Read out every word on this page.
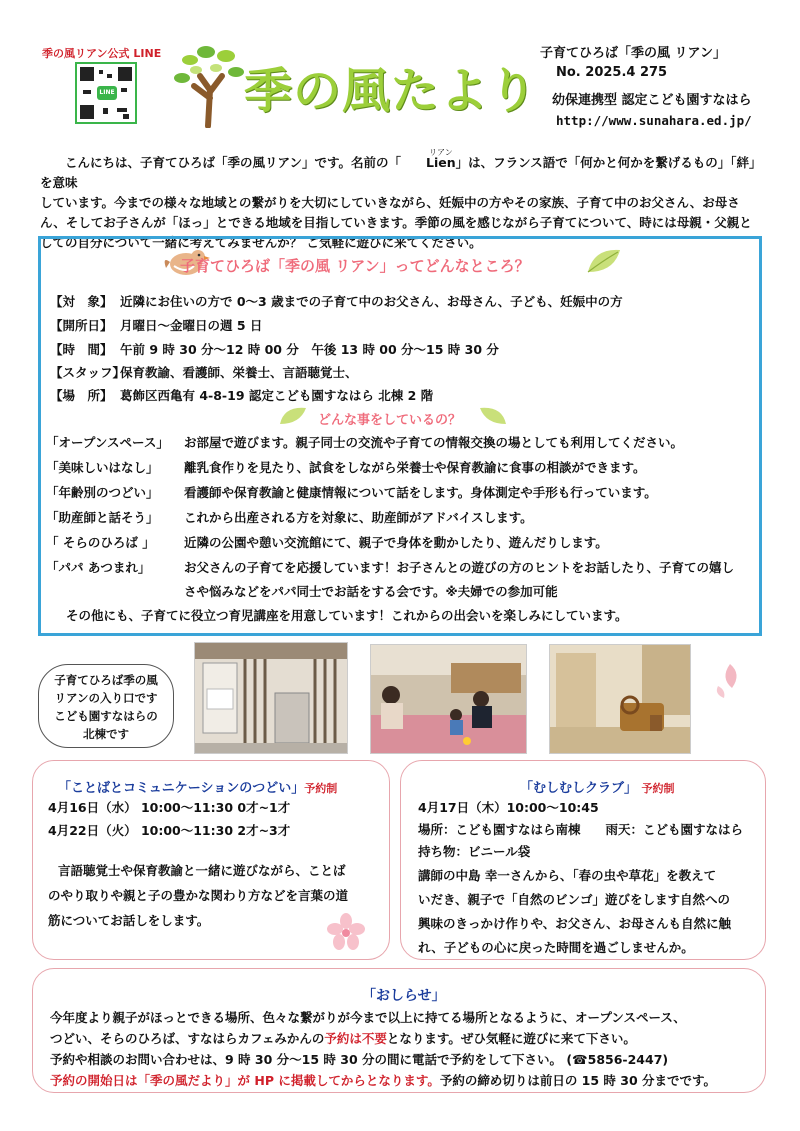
季の風リアン公式 LINE
LINE	季の風たより
子育てひろば「季の風 リアン」
No. 2025.4 275
幼保連携型 認定こども園すなはら
http://www.sunahara.ed.jp/

こんにちは、子育てひろば「季の風リアン」です。名前の「
リアン
Lien」は、フランス語で「何かと何かを繋げるもの」「絆」を意味

しています。今までの様々な地域との繋がりを大切にしていきながら、妊娠中の方やその家族、子育て中のお父さん、お母さ
ん、そしてお子さんが「ほっ」とできる地域を目指していきます。季節の風を感じながら子育てについて、時には母親・父親と
しての自分について一緒に考えてみませんか？ ご気軽に遊びに来てください。
子育てひろば「季の風 リアン」ってどんなところ？
【対　象】 近隣にお住いの方で 0～3 歳までの子育て中のお父さん、お母さん、子ども、妊娠中の方
【開所日】 月曜日～金曜日の週 5 日
【時　間】 午前 9 時 30 分～12 時 00 分　午後 13 時 00 分～15 時 30 分
【スタッフ】保育教諭、看護師、栄養士、言語聴覚士、
【場　所】 葛飾区西亀有 4-8-19 認定こども園すなはら 北棟 2 階
どんな事をしているの？
「オープンスペース」 お部屋で遊びます。親子同士の交流や子育ての情報交換の場としても利用してください。
「美味しいはなし」 離乳食作りを見たり、試食をしながら栄養士や保育教諭に食事の相談ができます。
「年齢別のつどい」 看護師や保育教諭と健康情報について話をします。身体測定や手形も行っています。
「助産師と話そう」 これから出産される方を対象に、助産師がアドバイスします。
「 そらのひろば 」 近隣の公園や憩い交流館にて、親子で身体を動かしたり、遊んだりします。
「パパ あつまれ」	お父さんの子育てを応援しています！お子さんとの遊びの方のヒントをお話したり、子育ての嬉し
さや悩みなどをパパ同士でお話をする会です。※夫婦での参加可能
その他にも、子育てに役立つ育児講座を用意しています！これからの出会いを楽しみにしています。
子育てひろば季の風
リアンの入り口です
こども園すなはらの
北棟です
「ことばとコミュニケーションのつどい」予約制
4月16日（水） 10:00～11:30 0才~1才
4月22日（火） 10:00～11:30 2才~3才
言語聴覚士や保育教諭と一緒に遊びながら、ことば
のやり取りや親と子の豊かな関わり方などを言葉の道
筋についてお話しをします。
「むしむしクラブ」 予約制
4月17日（木）10:00～10:45
場所：こども園すなはら南棟　　雨天：こども園すなはら
持ち物：ビニール袋
講師の中島 幸一さんから、「春の虫や草花」を教えて
いだき、親子で「自然のビンゴ」遊びをします自然への
興味のきっかけ作りや、お父さん、お母さんも自然に触
れ、子どもの心に戻った時間を過ごしませんか。
「おしらせ」
今年度より親子がほっとできる場所、色々な繋がりが今まで以上に持てる場所となるように、オープンスペース、
つどい、そらのひろば、すなはらカフェみかんの予約は不要となります。ぜひ気軽に遊びに来て下さい。
予約や相談のお問い合わせは、9 時 30 分～15 時 30 分の間に電話で予約をして下さい。 (☎5856-2447)
予約の開始日は「季の風だより」が HP に掲載してからとなります。予約の締め切りは前日の 15 時 30 分までです。
